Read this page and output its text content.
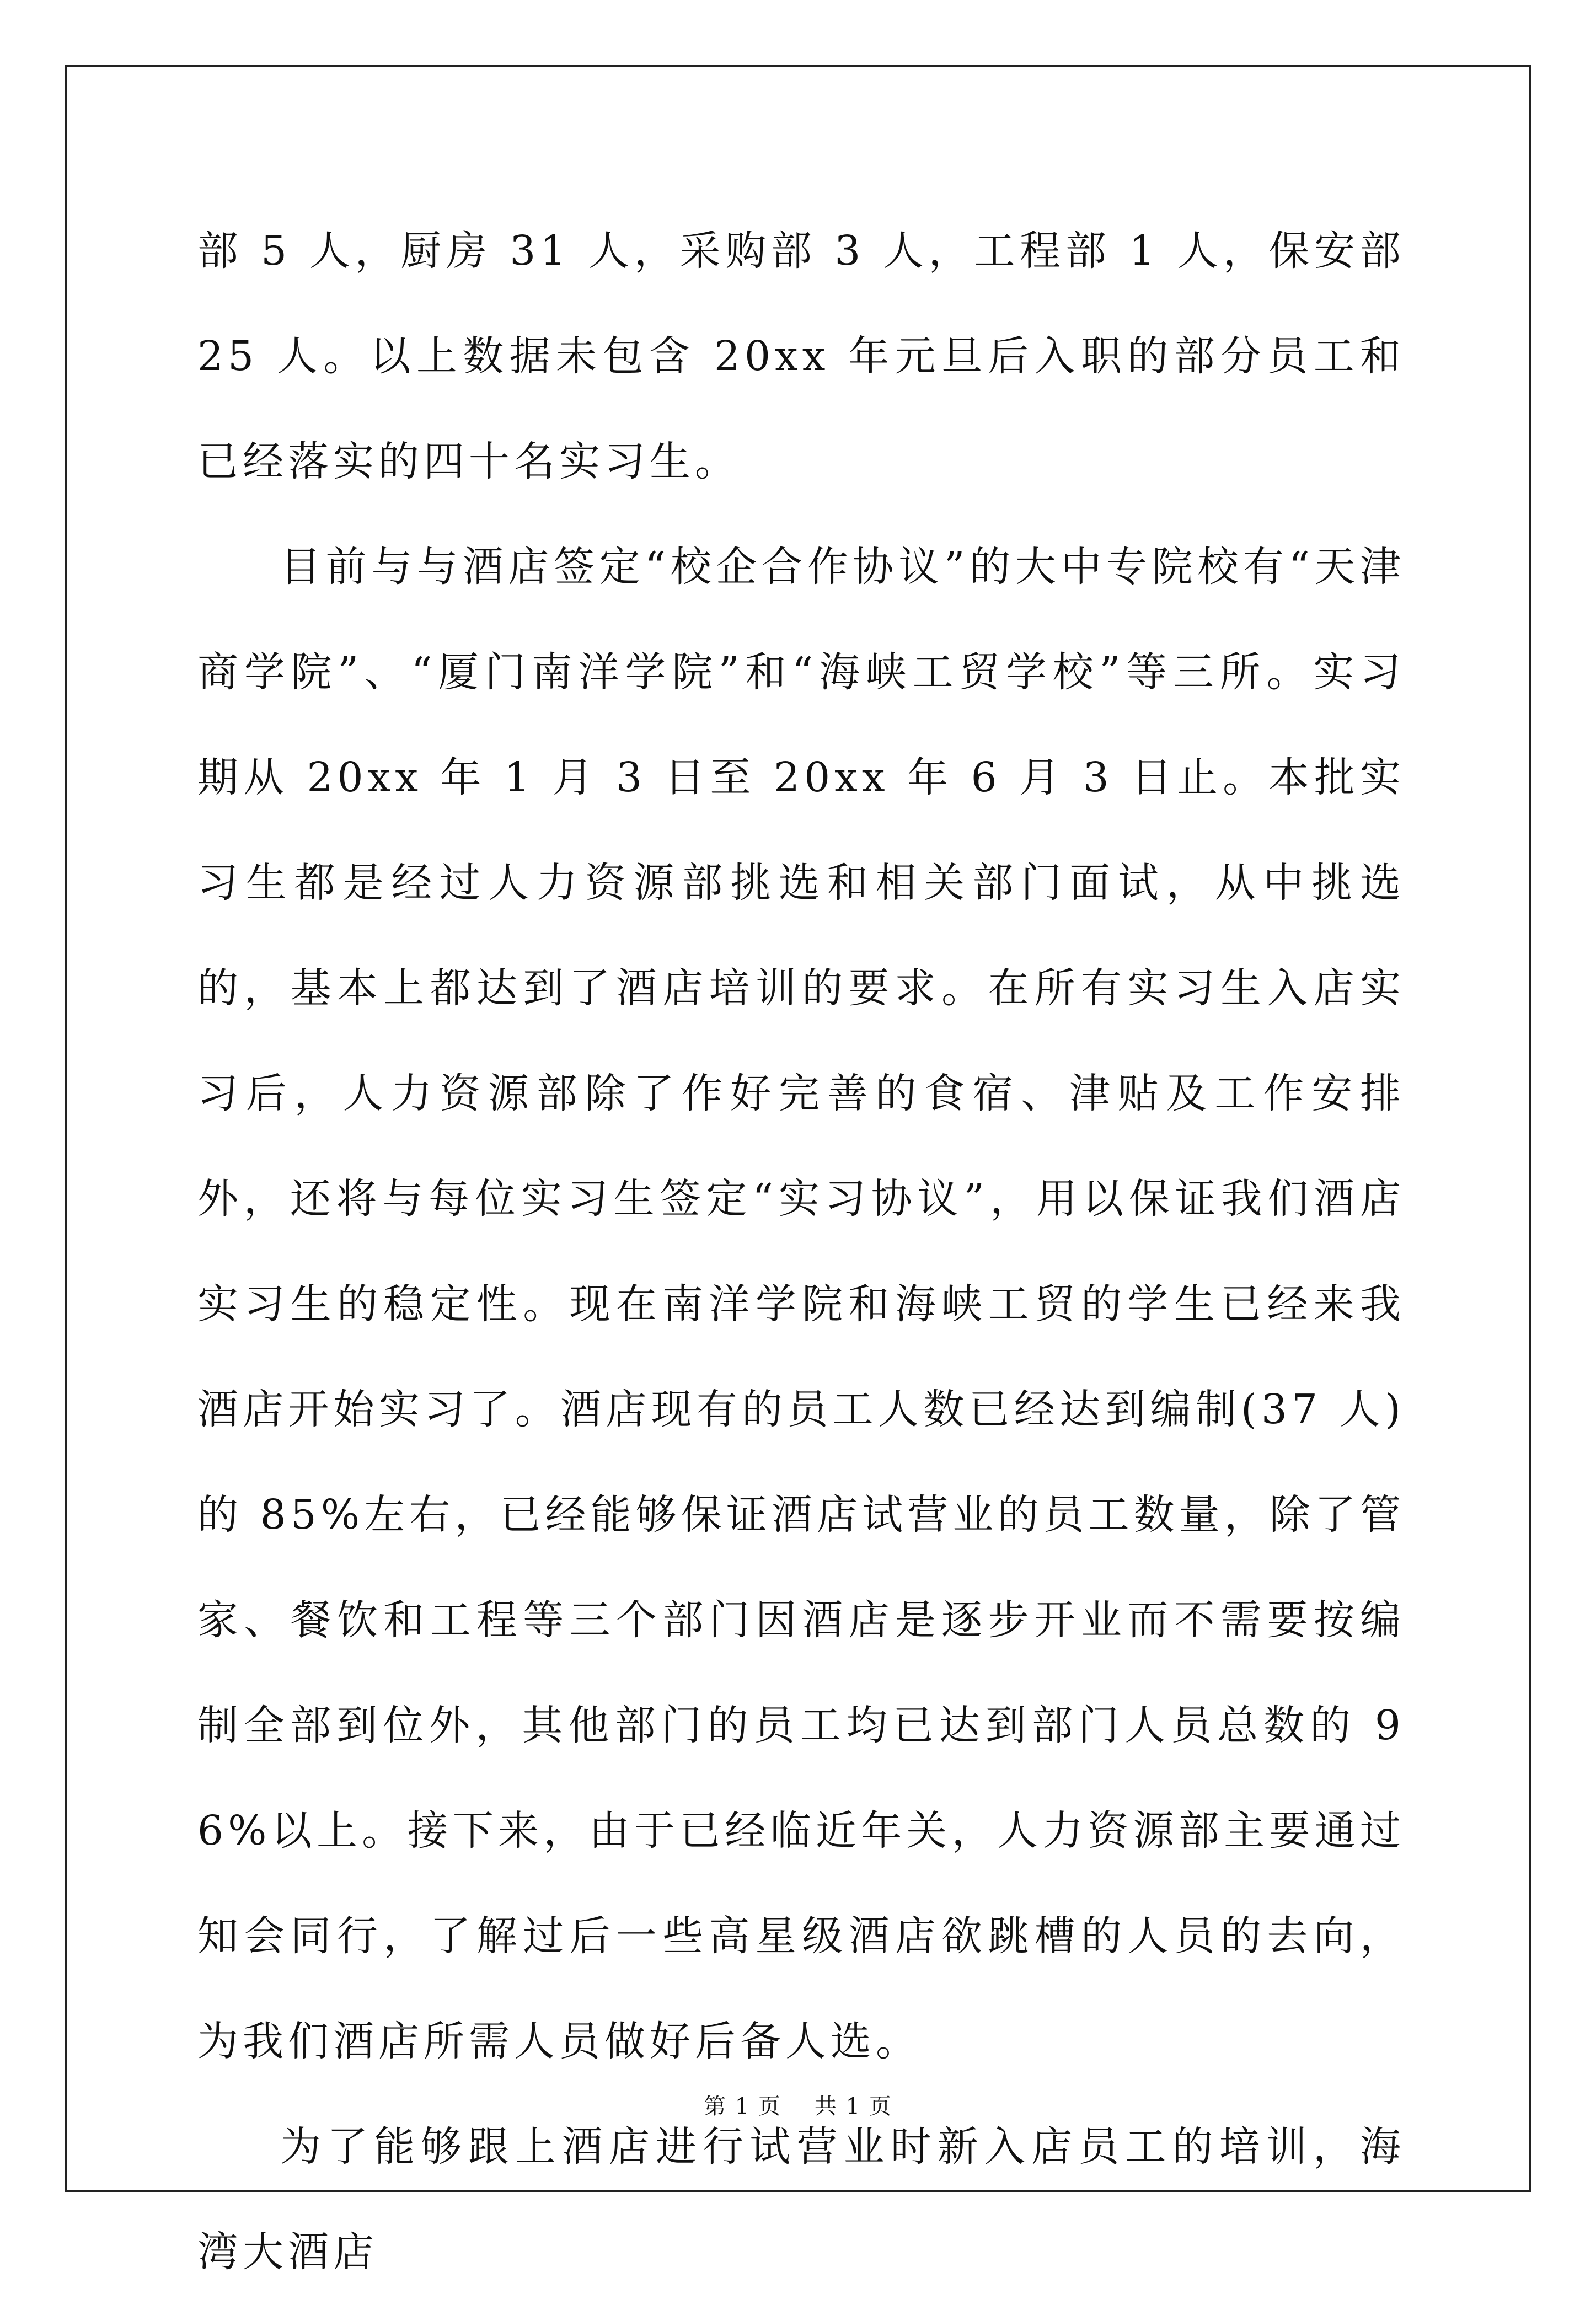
部 5 人，厨房 31 人，采购部 3 人，工程部 1 人，保安部 25 人。以上数据未包含 20xx 年元旦后入职的部分员工和已经落实的四十名实习生。

目前与与酒店签定“校企合作协议”的大中专院校有“天津商学院”、“厦门南洋学院”和“海峡工贸学校”等三所。实习期从 20xx 年 1 月 3 日至 20xx 年 6 月 3 日止。本批实习生都是经过人力资源部挑选和相关部门面试，从中挑选的，基本上都达到了酒店培训的要求。在所有实习生入店实习后，人力资源部除了作好完善的食宿、津贴及工作安排外，还将与每位实习生签定“实习协议”，用以保证我们酒店实习生的稳定性。现在南洋学院和海峡工贸的学生已经来我酒店开始实习了。酒店现有的员工人数已经达到编制(37 人)的 85%左右，已经能够保证酒店试营业的员工数量，除了管家、餐饮和工程等三个部门因酒店是逐步开业而不需要按编制全部到位外，其他部门的员工均已达到部门人员总数的 96%以上。接下来，由于已经临近年关，人力资源部主要通过知会同行，了解过后一些高星级酒店欲跳槽的人员的去向，为我们酒店所需人员做好后备人选。

为了能够跟上酒店进行试营业时新入店员工的培训，海湾大酒店

第 1 页 共 1 页
